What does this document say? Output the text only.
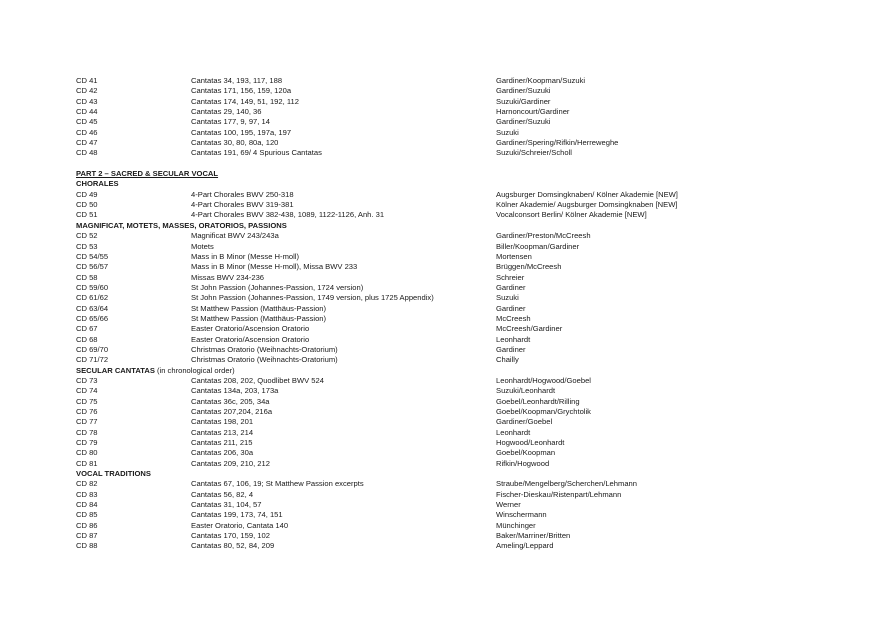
CD 41	Cantatas 34, 193, 117, 188	Gardiner/Koopman/Suzuki
CD 42	Cantatas 171, 156, 159, 120a	Gardiner/Suzuki
CD 43	Cantatas 174, 149, 51, 192, 112	Suzuki/Gardiner
CD 44	Cantatas 29, 140, 36	Harnoncourt/Gardiner
CD 45	Cantatas 177, 9, 97, 14	Gardiner/Suzuki
CD 46	Cantatas 100, 195, 197a, 197	Suzuki
CD 47	Cantatas 30, 80, 80a, 120	Gardiner/Spering/Rifkin/Herreweghe
CD 48	Cantatas 191, 69/ 4 Spurious Cantatas	Suzuki/Schreier/Scholl
PART 2 – SACRED & SECULAR VOCAL
CHORALES
CD 49	4-Part Chorales BWV 250-318	Augsburger Domsingknaben/ Kölner Akademie [NEW]
CD 50	4-Part Chorales BWV 319-381	Kölner Akademie/ Augsburger Domsingknaben [NEW]
CD 51	4-Part Chorales BWV 382-438, 1089, 1122-1126, Anh. 31	Vocalconsort Berlin/ Kölner Akademie [NEW]
MAGNIFICAT, MOTETS, MASSES, ORATORIOS, PASSIONS
CD 52	Magnificat BWV 243/243a	Gardiner/Preston/McCreesh
CD 53	Motets	Biller/Koopman/Gardiner
CD 54/55	Mass in B Minor (Messe H-moll)	Mortensen
CD 56/57	Mass in B Minor (Messe H-moll), Missa BWV 233	Brüggen/McCreesh
CD 58	Missas BWV 234-236	Schreier
CD 59/60	St John Passion (Johannes-Passion, 1724 version)	Gardiner
CD 61/62	St John Passion (Johannes-Passion, 1749 version, plus 1725 Appendix)	Suzuki
CD 63/64	St Matthew Passion (Matthäus-Passion)	Gardiner
CD 65/66	St Matthew Passion (Matthäus-Passion)	McCreesh
CD 67	Easter Oratorio/Ascension Oratorio	McCreesh/Gardiner
CD 68	Easter Oratorio/Ascension Oratorio	Leonhardt
CD 69/70	Christmas Oratorio (Weihnachts-Oratorium)	Gardiner
CD 71/72	Christmas Oratorio (Weihnachts-Oratorium)	Chailly
SECULAR CANTATAS (in chronological order)
CD 73	Cantatas 208, 202, Quodlibet BWV 524	Leonhardt/Hogwood/Goebel
CD 74	Cantatas 134a, 203, 173a	Suzuki/Leonhardt
CD 75	Cantatas 36c, 205, 34a	Goebel/Leonhardt/Rilling
CD 76	Cantatas 207,204, 216a	Goebel/Koopman/Grychtolik
CD 77	Cantatas 198, 201	Gardiner/Goebel
CD 78	Cantatas 213, 214	Leonhardt
CD 79	Cantatas 211, 215	Hogwood/Leonhardt
CD 80	Cantatas 206, 30a	Goebel/Koopman
CD 81	Cantatas 209, 210, 212	Rifkin/Hogwood
VOCAL TRADITIONS
CD 82	Cantatas 67, 106, 19; St Matthew Passion excerpts	Straube/Mengelberg/Scherchen/Lehmann
CD 83	Cantatas 56, 82, 4	Fischer-Dieskau/Ristenpart/Lehmann
CD 84	Cantatas 31, 104, 57	Werner
CD 85	Cantatas 199, 173, 74, 151	Winschermann
CD 86	Easter Oratorio, Cantata 140	Münchinger
CD 87	Cantatas 170, 159, 102	Baker/Marriner/Britten
CD 88	Cantatas 80, 52, 84, 209	Ameling/Leppard
